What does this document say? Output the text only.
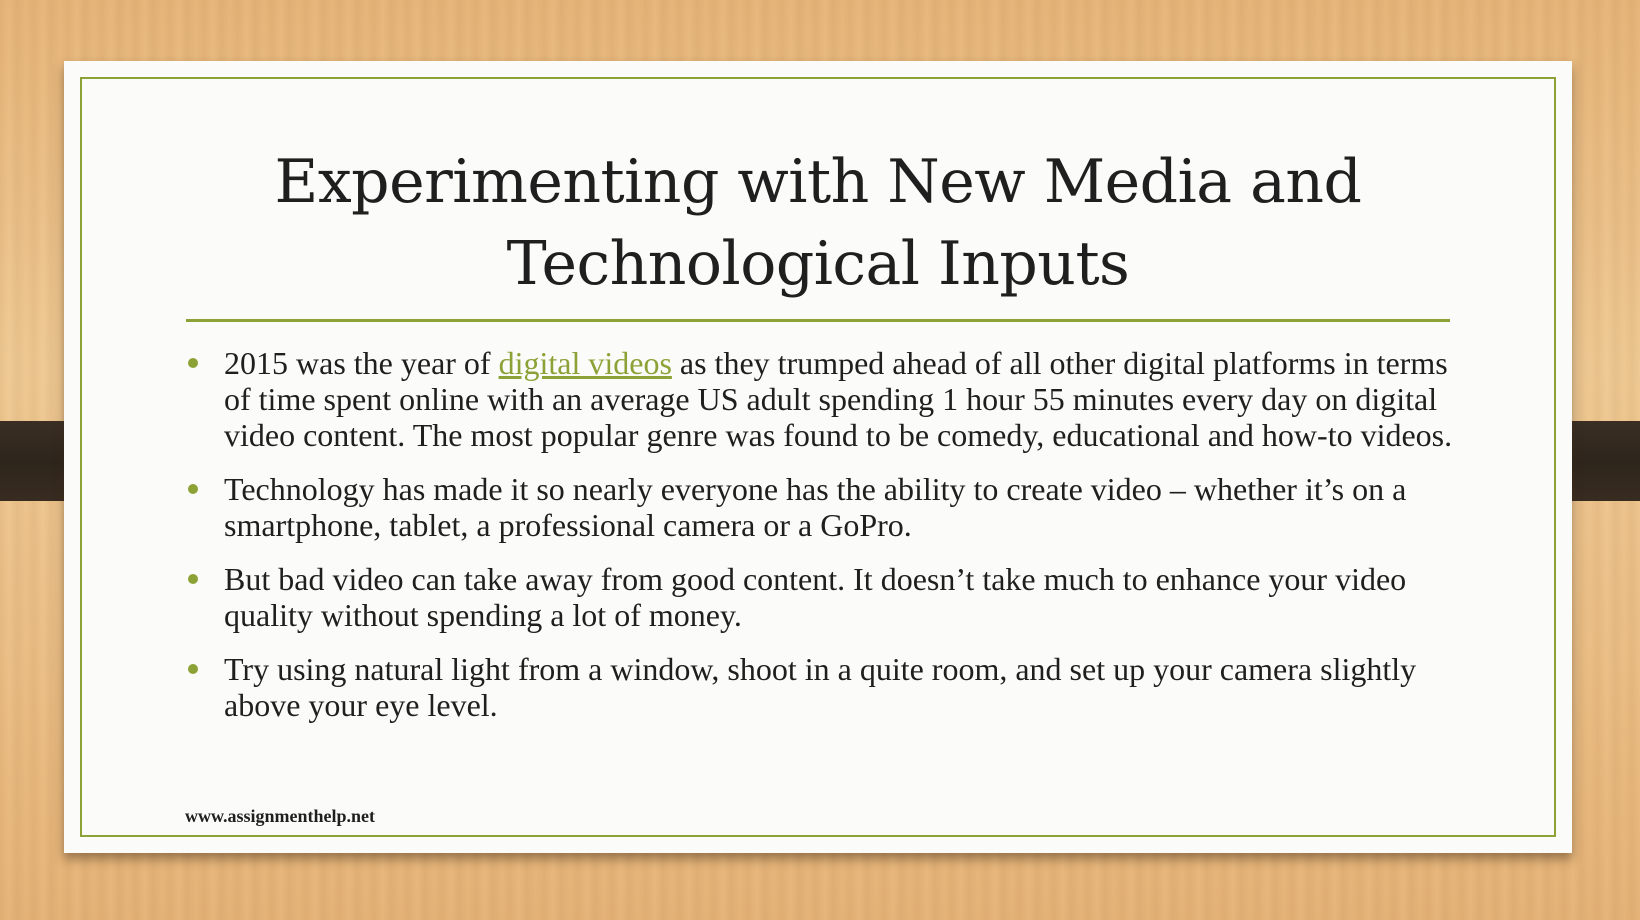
Experimenting with New Media and
Technological Inputs
2015 was the year of digital videos as they trumped ahead of all other digital platforms in terms of time spent online with an average US adult spending 1 hour 55 minutes every day on digital video content. The most popular genre was found to be comedy, educational and how-to videos.
Technology has made it so nearly everyone has the ability to create video – whether it’s on a smartphone, tablet, a professional camera or a GoPro.
But bad video can take away from good content. It doesn’t take much to enhance your video quality without spending a lot of money.
Try using natural light from a window, shoot in a quite room, and set up your camera slightly above your eye level.
www.assignmenthelp.net
